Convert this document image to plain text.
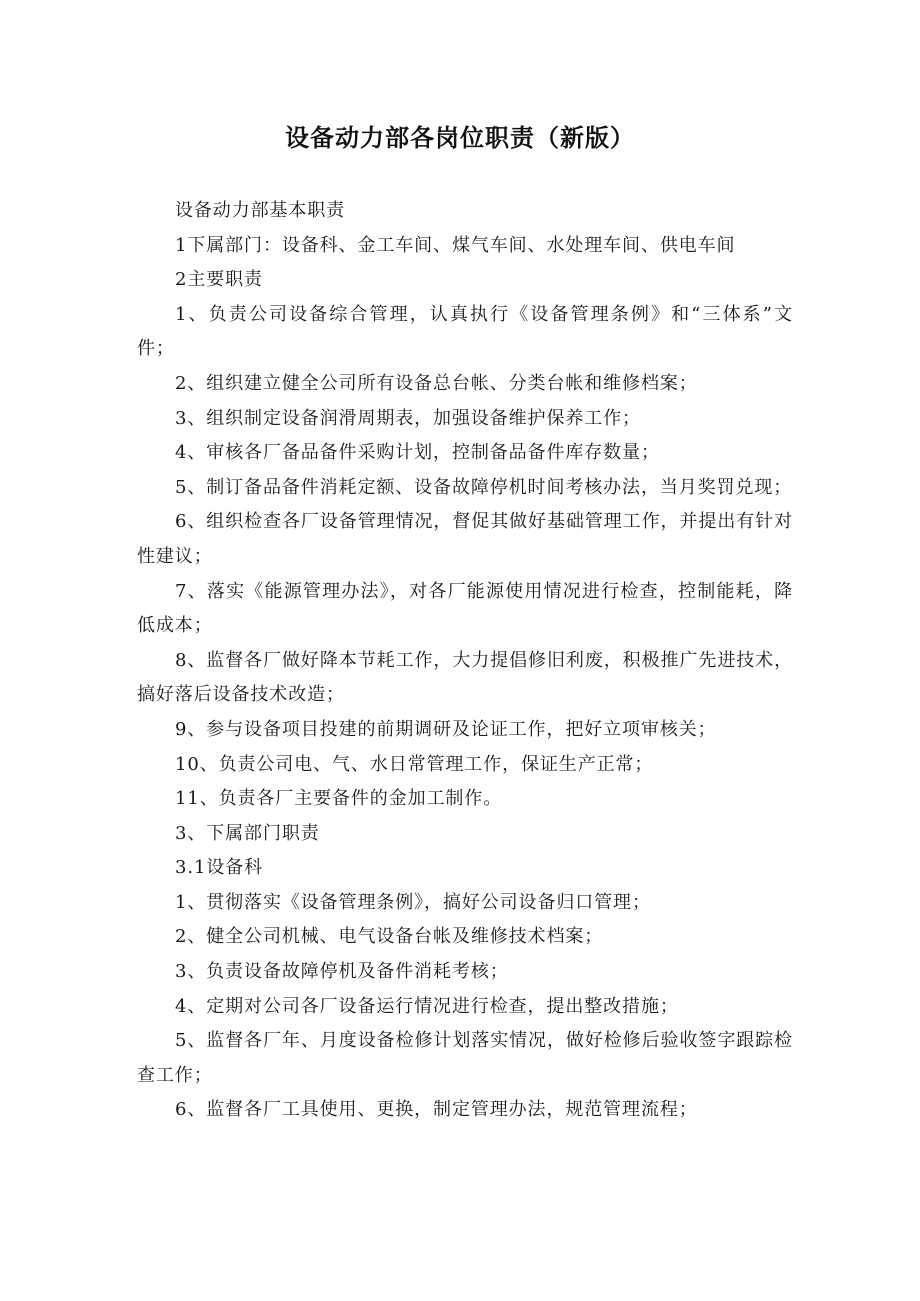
设备动力部各岗位职责（新版）

设备动力部基本职责

1下属部门：设备科、金工车间、煤气车间、水处理车间、供电车间

2主要职责

1、负责公司设备综合管理，认真执行《设备管理条例》和“三体系”文件；

2、组织建立健全公司所有设备总台帐、分类台帐和维修档案；

3、组织制定设备润滑周期表，加强设备维护保养工作；

4、审核各厂备品备件采购计划，控制备品备件库存数量；

5、制订备品备件消耗定额、设备故障停机时间考核办法，当月奖罚兑现；

6、组织检查各厂设备管理情况，督促其做好基础管理工作，并提出有针对性建议；

7、落实《能源管理办法》，对各厂能源使用情况进行检查，控制能耗，降低成本；

8、监督各厂做好降本节耗工作，大力提倡修旧利废，积极推广先进技术，搞好落后设备技术改造；

9、参与设备项目投建的前期调研及论证工作，把好立项审核关；

10、负责公司电、气、水日常管理工作，保证生产正常；

11、负责各厂主要备件的金加工制作。

3、下属部门职责

3.1设备科

1、贯彻落实《设备管理条例》，搞好公司设备归口管理；

2、健全公司机械、电气设备台帐及维修技术档案；

3、负责设备故障停机及备件消耗考核；

4、定期对公司各厂设备运行情况进行检查，提出整改措施；

5、监督各厂年、月度设备检修计划落实情况，做好检修后验收签字跟踪检查工作；

6、监督各厂工具使用、更换，制定管理办法，规范管理流程；
